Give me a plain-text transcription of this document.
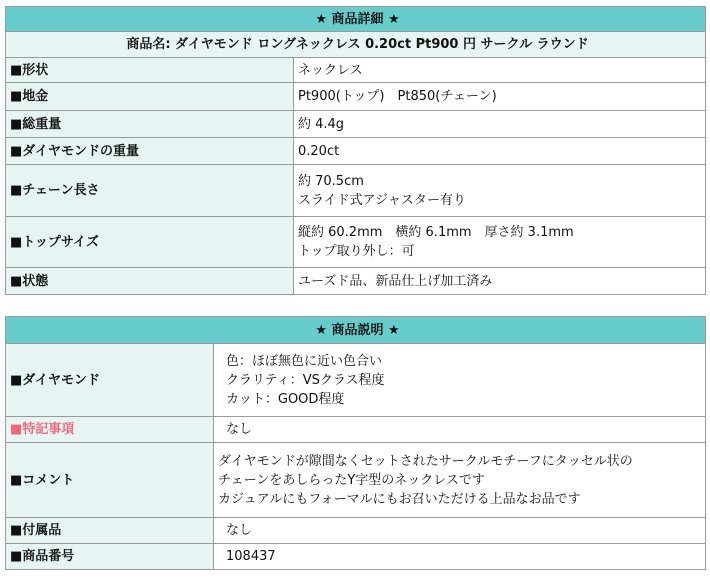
★ 商品詳細 ★	
商品名: ダイヤモンド ロングネックレス 0.20ct Pt900 円 サークル ラウンド	
■形状	ネックレス

■地金	Pt900(トップ)　Pt850(チェーン)

■総重量	約 4.4g

■ダイヤモンドの重量	0.20ct

■チェーン長さ	約 70.5cm
スライド式アジャスター有り

■トップサイズ	縦約 60.2mm　横約 6.1mm　厚さ約 3.1mm
トップ取り外し：可

■状態	ユーズド品、新品仕上げ加工済み
★ 商品説明 ★	
■ダイヤモンド	色：ほぼ無色に近い色合い
クラリティ：VSクラス程度
カット：GOOD程度

■特記事項	なし

■コメント	ダイヤモンドが隙間なくセットされたサークルモチーフにタッセル状の
チェーンをあしらったY字型のネックレスです
カジュアルにもフォーマルにもお召いただける上品なお品です

■付属品	なし

■商品番号	108437
